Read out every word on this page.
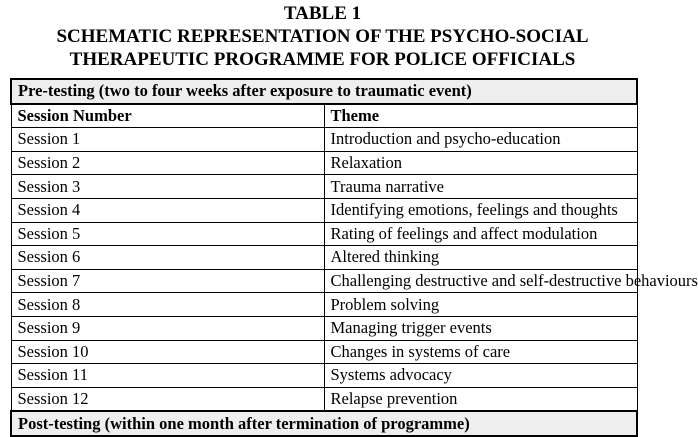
TABLE 1
SCHEMATIC REPRESENTATION OF THE PSYCHO-SOCIAL
THERAPEUTIC PROGRAMME FOR POLICE OFFICIALS
Pre-testing (two to four weeks after exposure to traumatic event)	
Session Number	Theme
Session 1	Introduction and psycho-education
Session 2	Relaxation
Session 3	Trauma narrative
Session 4	Identifying emotions, feelings and thoughts
Session 5	Rating of feelings and affect modulation
Session 6	Altered thinking
Session 7	Challenging destructive and self-destructive behaviours
Session 8	Problem solving
Session 9	Managing trigger events
Session 10	Changes in systems of care
Session 11	Systems advocacy
Session 12	Relapse prevention
Post-testing (within one month after termination of programme)	
